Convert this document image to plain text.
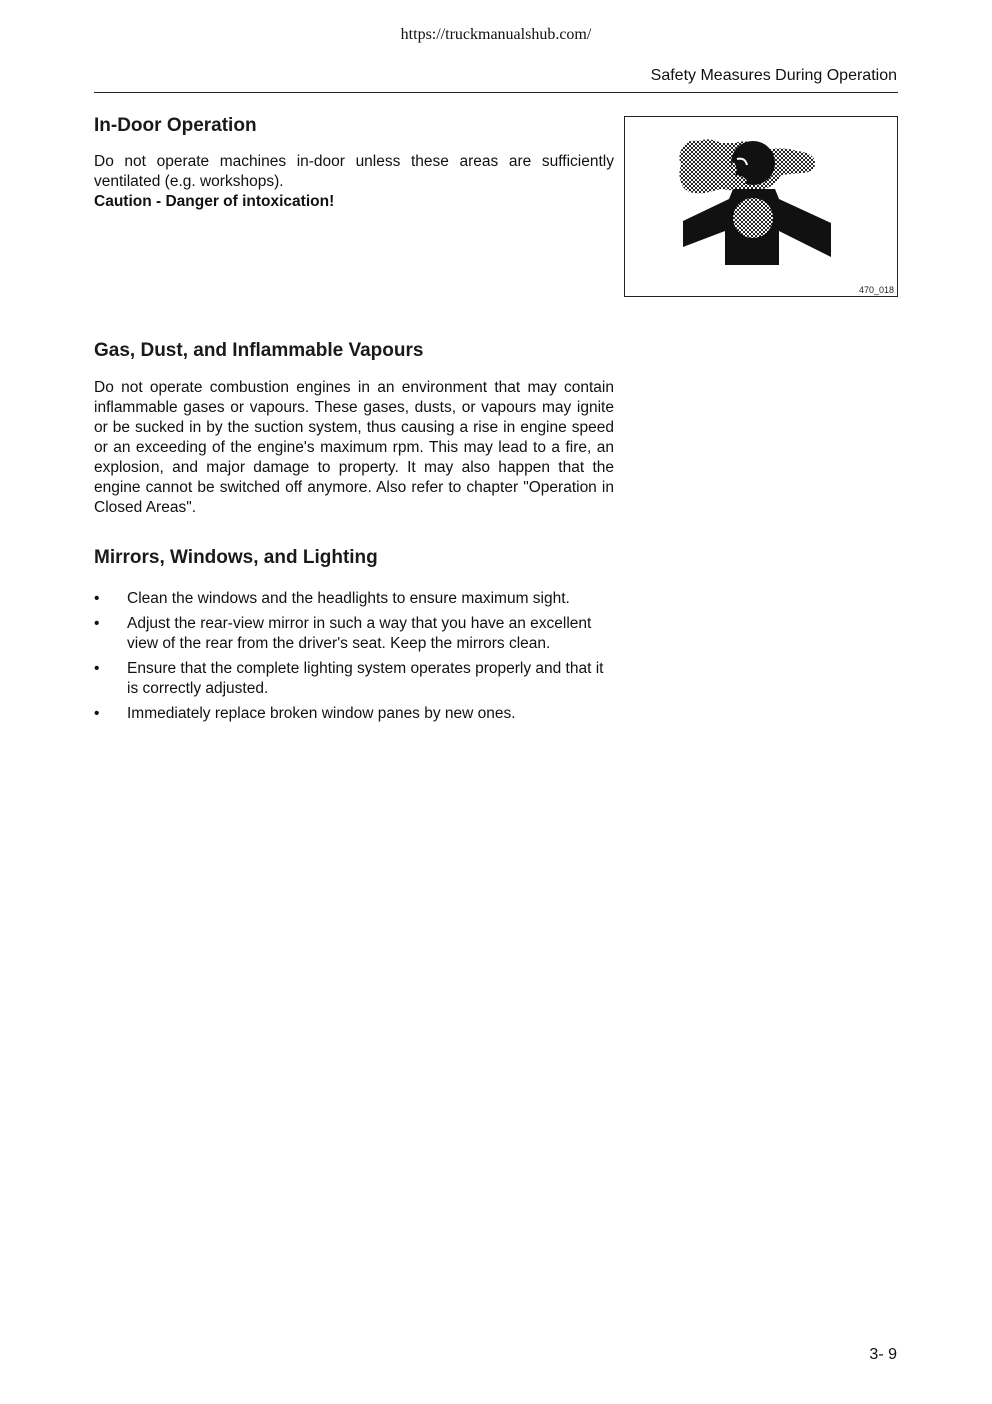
https://truckmanualshub.com/
Safety Measures During Operation
In-Door Operation
Do not operate machines in-door unless these areas are sufficiently ventilated (e.g. workshops).
Caution - Danger of intoxication!
470_018
Gas, Dust, and Inflammable Vapours

Do not operate combustion engines in an environment that may contain inflammable gases or vapours. These gases, dusts, or vapours may ignite or be sucked in by the suction system, thus causing a rise in engine speed or an exceeding of the engine's maximum rpm. This may lead to a fire, an explosion, and major damage to property. It may also happen that the engine cannot be switched off anymore. Also refer to chapter "Operation in Closed Areas".

Mirrors, Windows, and Lighting
• Clean the windows and the headlights to ensure maximum sight.
• Adjust the rear-view mirror in such a way that you have an excellent view of the rear from the driver's seat. Keep the mirrors clean.
• Ensure that the complete lighting system operates properly and that it is correctly adjusted.
• Immediately replace broken window panes by new ones.
3- 9
